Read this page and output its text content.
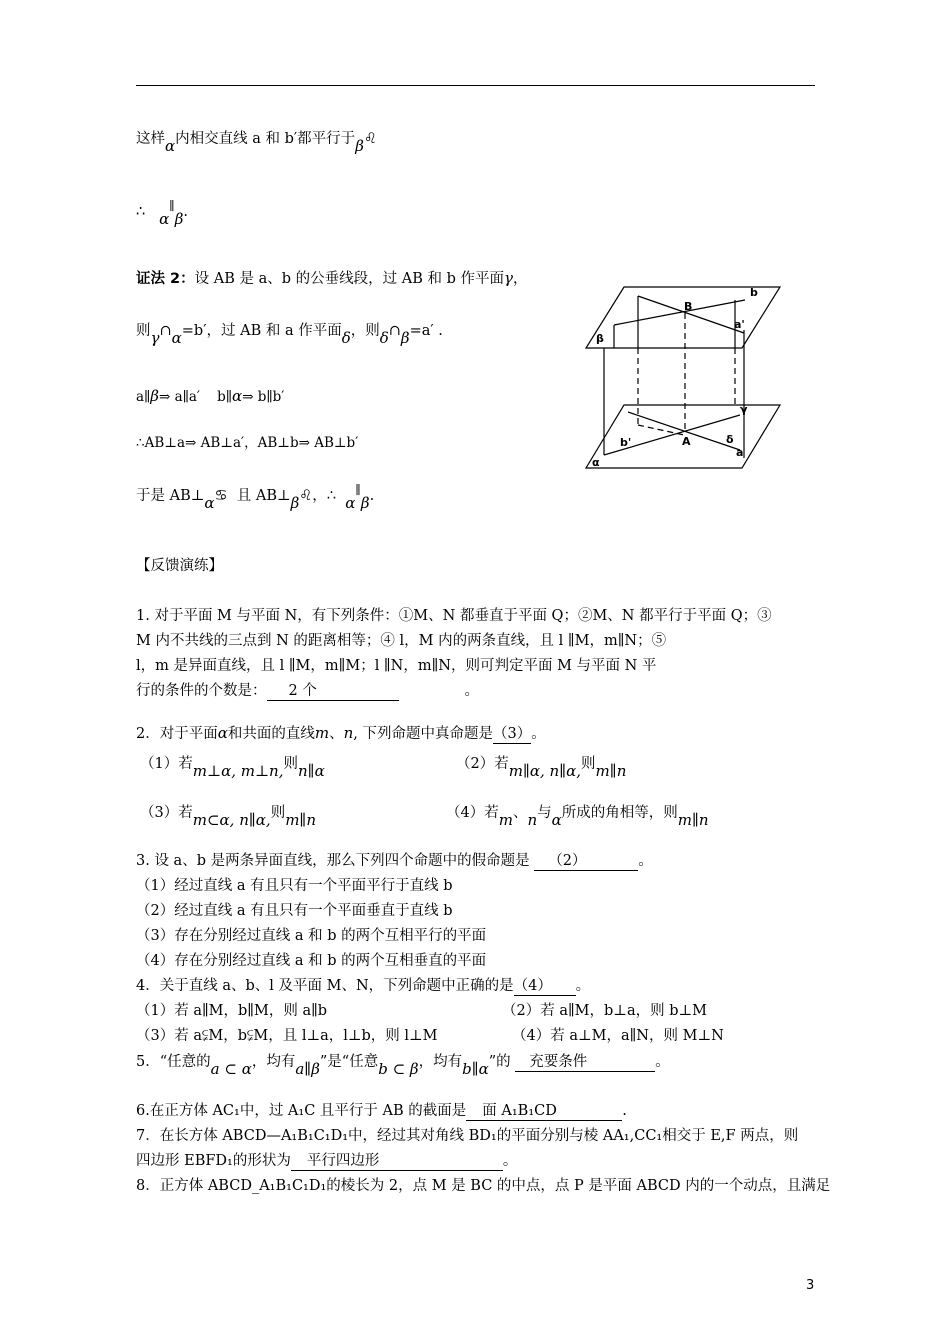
这样α内相交直线 a 和 b′都平行于β♌
∴ α∥β.
证法 2：设 AB 是 a、b 的公垂线段，过 AB 和 b 作平面γ，
则γ∩α=b′，过 AB 和 a 作平面δ，则δ∩β=a′ .
a∥β⇒ a∥a′ b∥α⇒ b∥b′
∴AB⊥a⇒ AB⊥a′，AB⊥b⇒ AB⊥b′
于是 AB⊥α♋ 且 AB⊥β♌，∴ α∥β.
B
b
a'
β
γ
b'	A	δ
a
α
【反馈演练】
1. 对于平面 M 与平面 N，有下列条件：①M、N 都垂直于平面 Q；②M、N 都平行于平面 Q；③
M 内不共线的三点到 N 的距离相等；④ l，M 内的两条直线，且 l ∥M，m∥N；⑤
l，m 是异面直线，且 l ∥M，m∥M；l ∥N，m∥N，则可判定平面 M 与平面 N 平
行的条件的个数是： 2 个	。
2．对于平面α和共面的直线m、n, 下列命题中真命题是（3）。
（1）若m⊥α, m⊥n,则n∥α	（2）若m∥α, n∥α,则m∥n
（3）若m⊂α, n∥α,则m∥n	（4）若m、n与α所成的角相等，则m∥n
3. 设 a、b 是两条异面直线，那么下列四个命题中的假命题是 （2）	。
（1）经过直线 a 有且只有一个平面平行于直线 b
（2）经过直线 a 有且只有一个平面垂直于直线 b
（3）存在分别经过直线 a 和 b 的两个互相平行的平面
（4）存在分别经过直线 a 和 b 的两个互相垂直的平面
4．关于直线 a、b、l 及平面 M、N，下列命题中正确的是（4） 。
（1）若 a∥M，b∥M，则 a∥b	（2）若 a∥M，b⊥a，则 b⊥M
（3）若 a⫋M，b⫋M，且 l⊥a，l⊥b，则 l⊥M	（4）若 a⊥M，a∥N，则 M⊥N
5．“任意的a ⊂ α，均有a∥β”是“任意b ⊂ β，均有b∥α”的 充要条件	。
6.在正方体 AC₁中，过 A₁C 且平行于 AB 的截面是 面 A₁B₁CD	.
7．在长方体 ABCD—A₁B₁C₁D₁中，经过其对角线 BD₁的平面分别与棱 AA₁,CC₁相交于 E,F 两点，则
四边形 EBFD₁的形状为 平行四边形	。
8．正方体 ABCD_A₁B₁C₁D₁的棱长为 2，点 M 是 BC 的中点，点 P 是平面 ABCD 内的一个动点，且满足
3
